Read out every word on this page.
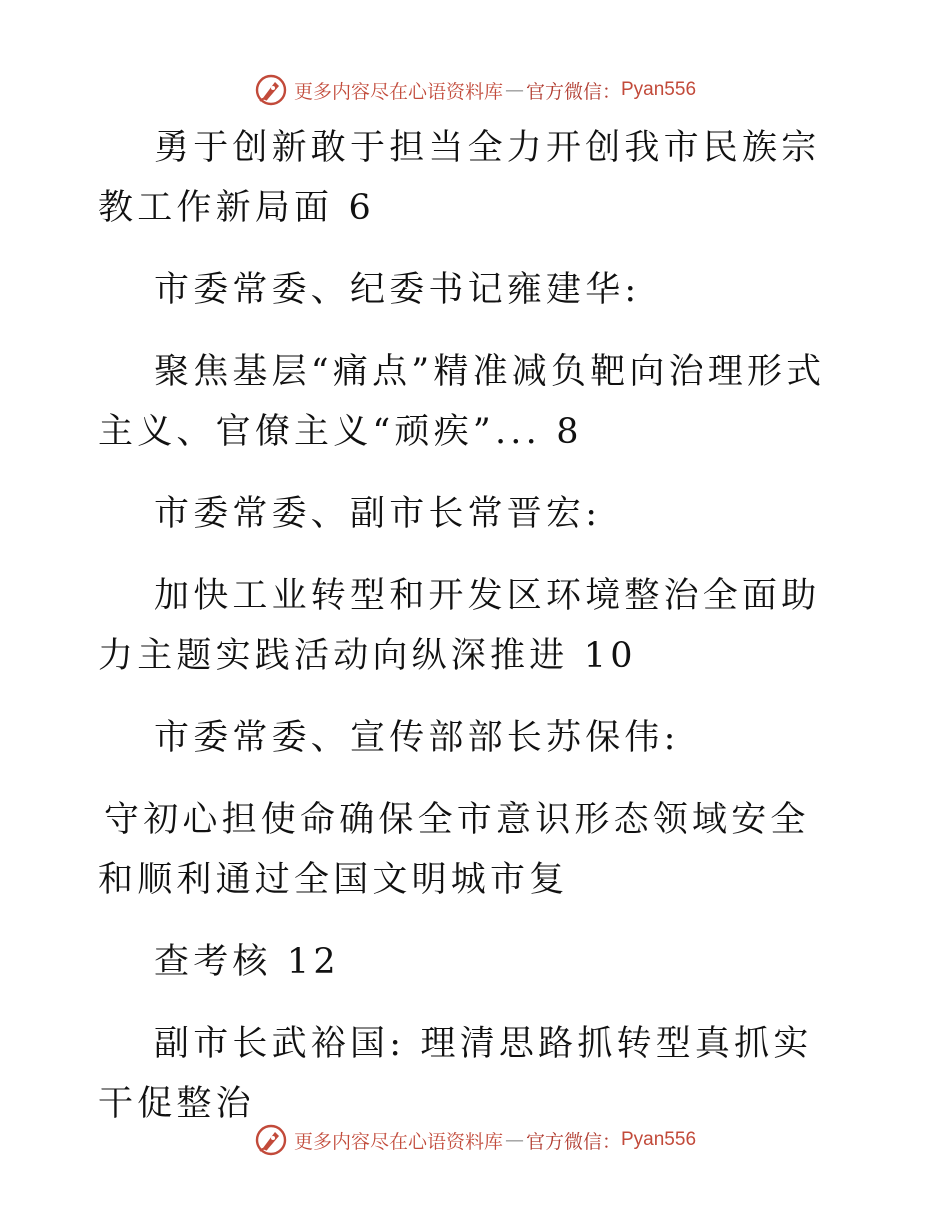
更多内容尽在心语资料库 — 官方微信： Pyan556

勇于创新敢于担当全力开创我市民族宗教工作新局面 6

市委常委、纪委书记雍建华:

聚焦基层“痛点”精准减负靶向治理形式主义、官僚主义“顽疾”... 8

市委常委、副市长常晋宏:

加快工业转型和开发区环境整治全面助力主题实践活动向纵深推进 10

市委常委、宣传部部长苏保伟:

守初心担使命确保全市意识形态领域安全和顺利通过全国文明城市复

查考核 12

副市长武裕国: 理清思路抓转型真抓实干促整治

更多内容尽在心语资料库 — 官方微信： Pyan556
